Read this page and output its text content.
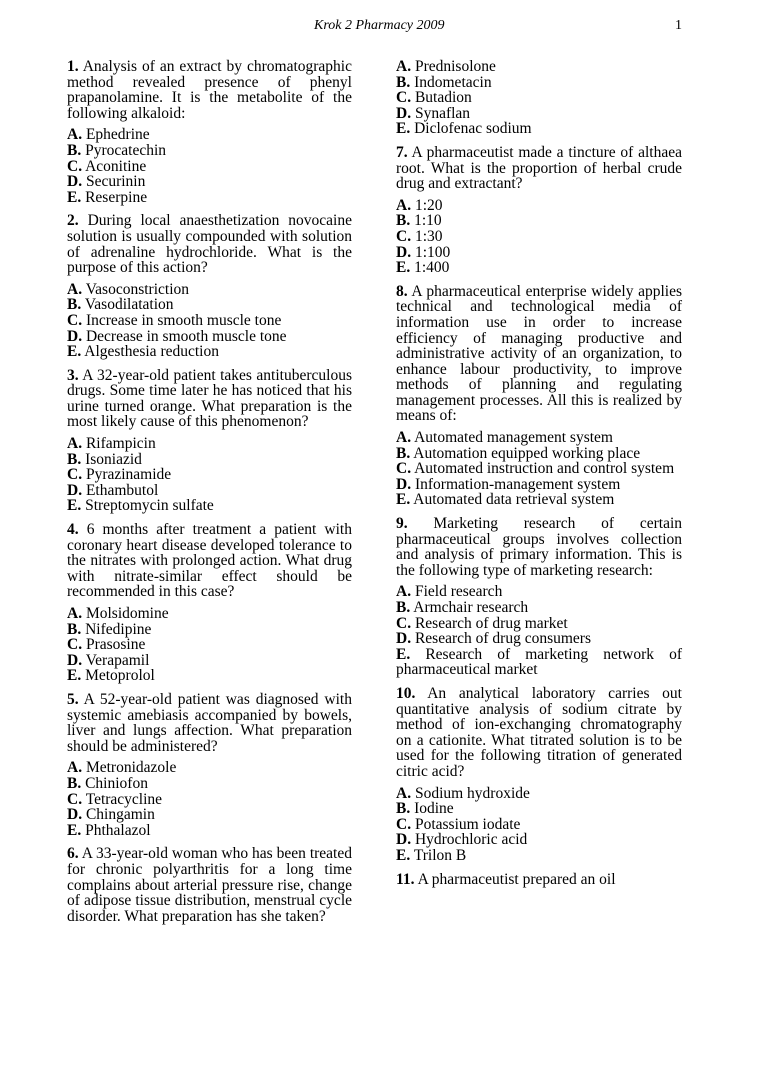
Krok 2 Pharmacy 2009	1
1. Analysis of an extract by chromatographic method revealed presence of phenyl prapanolamine. It is the metabolite of the following alkaloid:
A. Ephedrine
B. Pyrocatechin
C. Aconitine
D. Securinin
E. Reserpine
2. During local anaesthetization novocaine solution is usually compounded with solution of adrenaline hydrochloride. What is the purpose of this action?
A. Vasoconstriction
B. Vasodilatation
C. Increase in smooth muscle tone
D. Decrease in smooth muscle tone
E. Algesthesia reduction
3. A 32-year-old patient takes antituberculous drugs. Some time later he has noticed that his urine turned orange. What preparation is the most likely cause of this phenomenon?
A. Rifampicin
B. Isoniazid
C. Pyrazinamide
D. Ethambutol
E. Streptomycin sulfate
4. 6 months after treatment a patient with coronary heart disease developed tolerance to the nitrates with prolonged action. What drug with nitrate-similar effect should be recommended in this case?
A. Molsidomine
B. Nifedipine
C. Prasosine
D. Verapamil
E. Metoprolol
5. A 52-year-old patient was diagnosed with systemic amebiasis accompanied by bowels, liver and lungs affection. What preparation should be administered?
A. Metronidazole
B. Chiniofon
C. Tetracycline
D. Chingamin
E. Phthalazol
6. A 33-year-old woman who has been treated for chronic polyarthritis for a long time complains about arterial pressure rise, change of adipose tissue distribution, menstrual cycle disorder. What preparation has she taken?
A. Prednisolone
B. Indometacin
C. Butadion
D. Synaflan
E. Diclofenac sodium
7. A pharmaceutist made a tincture of althaea root. What is the proportion of herbal crude drug and extractant?
A. 1:20
B. 1:10
C. 1:30
D. 1:100
E. 1:400
8. A pharmaceutical enterprise widely applies technical and technological media of information use in order to increase efficiency of managing productive and administrative activity of an organization, to enhance labour productivity, to improve methods of planning and regulating management processes. All this is realized by means of:
A. Automated management system
B. Automation equipped working place
C. Automated instruction and control system
D. Information-management system
E. Automated data retrieval system
9. Marketing research of certain pharmaceutical groups involves collection and analysis of primary information. This is the following type of marketing research:
A. Field research
B. Armchair research
C. Research of drug market
D. Research of drug consumers
E. Research of marketing network of pharmaceutical market
10. An analytical laboratory carries out quantitative analysis of sodium citrate by method of ion-exchanging chromatography on a cationite. What titrated solution is to be used for the following titration of generated citric acid?
A. Sodium hydroxide
B. Iodine
C. Potassium iodate
D. Hydrochloric acid
E. Trilon B
11. A pharmaceutist prepared an oil
